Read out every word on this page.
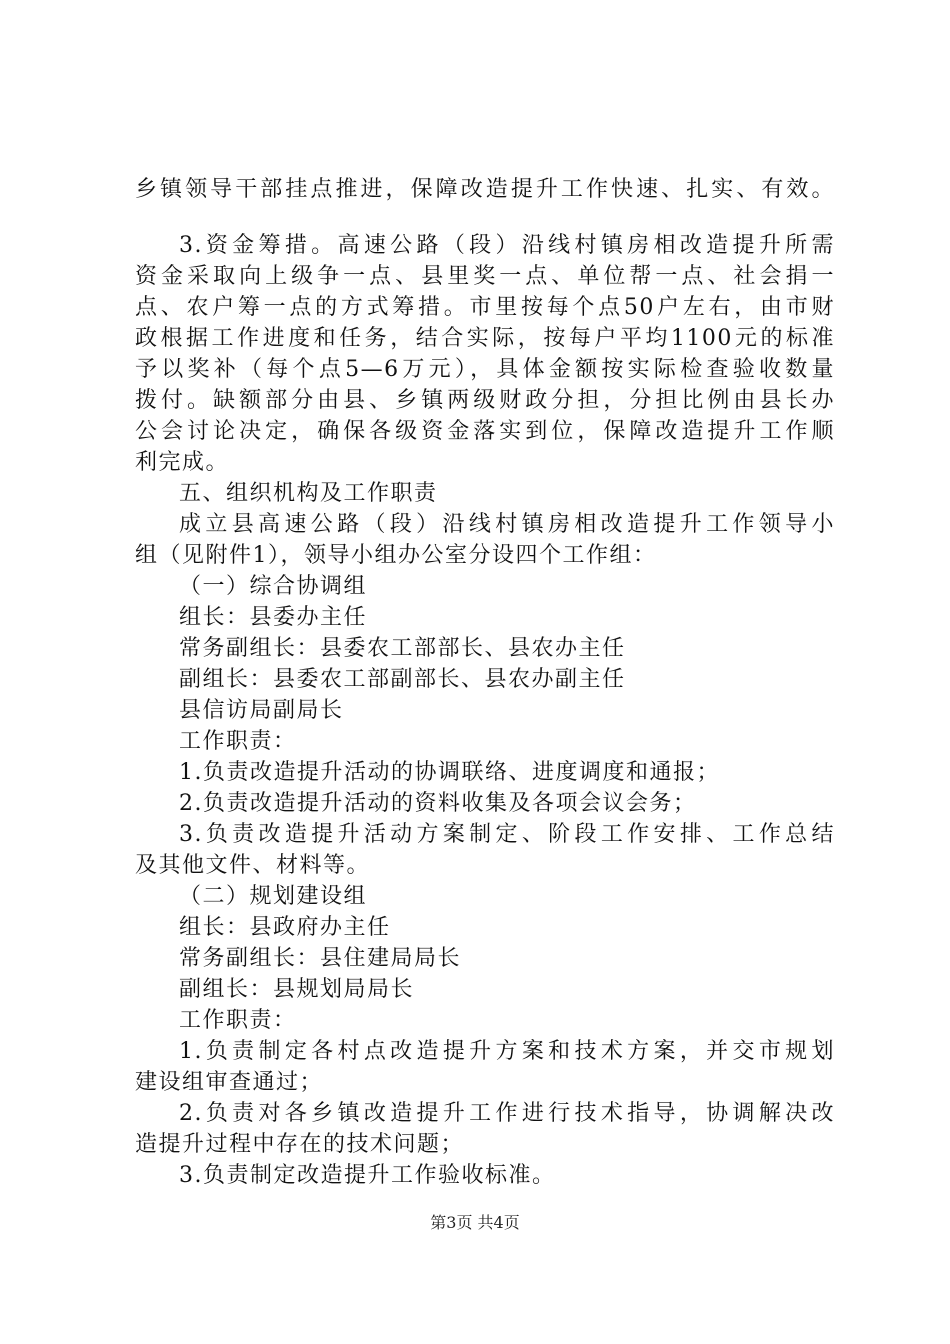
乡镇领导干部挂点推进，保障改造提升工作快速、扎实、有效。
3.资金筹措。高速公路（段）沿线村镇房相改造提升所需
资金采取向上级争一点、县里奖一点、单位帮一点、社会捐一
点、农户筹一点的方式筹措。市里按每个点50户左右，由市财
政根据工作进度和任务，结合实际，按每户平均1100元的标准
予以奖补（每个点5—6万元），具体金额按实际检查验收数量
拨付。缺额部分由县、乡镇两级财政分担，分担比例由县长办
公会讨论决定，确保各级资金落实到位，保障改造提升工作顺
利完成。
五、组织机构及工作职责
成立县高速公路（段）沿线村镇房相改造提升工作领导小
组（见附件1），领导小组办公室分设四个工作组：
（一）综合协调组
组长：县委办主任
常务副组长：县委农工部部长、县农办主任
副组长：县委农工部副部长、县农办副主任
县信访局副局长
工作职责：
1.负责改造提升活动的协调联络、进度调度和通报；
2.负责改造提升活动的资料收集及各项会议会务；
3.负责改造提升活动方案制定、阶段工作安排、工作总结
及其他文件、材料等。
（二）规划建设组
组长：县政府办主任
常务副组长：县住建局局长
副组长：县规划局局长
工作职责：
1.负责制定各村点改造提升方案和技术方案，并交市规划
建设组审查通过；
2.负责对各乡镇改造提升工作进行技术指导，协调解决改
造提升过程中存在的技术问题；
3.负责制定改造提升工作验收标准。
第3页 共4页
